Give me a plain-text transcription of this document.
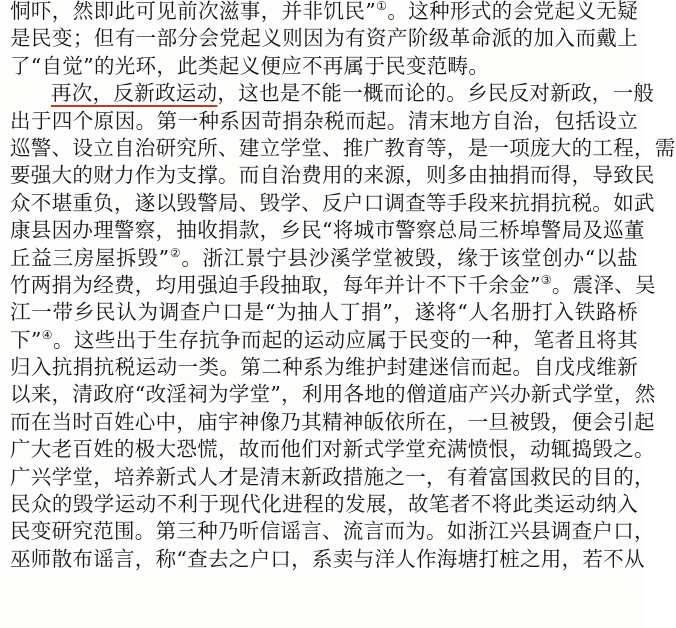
恫吓，然即此可见前次滋事，并非饥民”①。这种形式的会党起义无疑
是民变；但有一部分会党起义则因为有资产阶级革命派的加入而戴上
了“自觉”的光环，此类起义便应不再属于民变范畴。
再次，反新政运动，这也是不能一概而论的。乡民反对新政，一般
出于四个原因。第一种系因苛捐杂税而起。清末地方自治，包括设立
巡警、设立自治研究所、建立学堂、推广教育等，是一项庞大的工程，需
要强大的财力作为支撑。而自治费用的来源，则多由抽捐而得，导致民
众不堪重负，遂以毁警局、毁学、反户口调查等手段来抗捐抗税。如武
康县因办理警察，抽收捐款，乡民“将城市警察总局三桥埠警局及巡董
丘益三房屋拆毁”②。浙江景宁县沙溪学堂被毁，缘于该堂创办“以盐
竹两捐为经费，均用强迫手段抽取，每年并计不下千余金”③。震泽、吴
江一带乡民认为调查户口是“为抽人丁捐”，遂将“人名册打入铁路桥
下”④。这些出于生存抗争而起的运动应属于民变的一种，笔者且将其
归入抗捐抗税运动一类。第二种系为维护封建迷信而起。自戊戌维新
以来，清政府“改淫祠为学堂”，利用各地的僧道庙产兴办新式学堂，然
而在当时百姓心中，庙宇神像乃其精神皈依所在，一旦被毁，便会引起
广大老百姓的极大恐慌，故而他们对新式学堂充满愤恨，动辄捣毁之。
广兴学堂，培养新式人才是清末新政措施之一，有着富国救民的目的，
民众的毁学运动不利于现代化进程的发展，故笔者不将此类运动纳入
民变研究范围。第三种乃听信谣言、流言而为。如浙江兴县调查户口，
巫师散布谣言，称“查去之户口，系卖与洋人作海塘打桩之用，若不从
